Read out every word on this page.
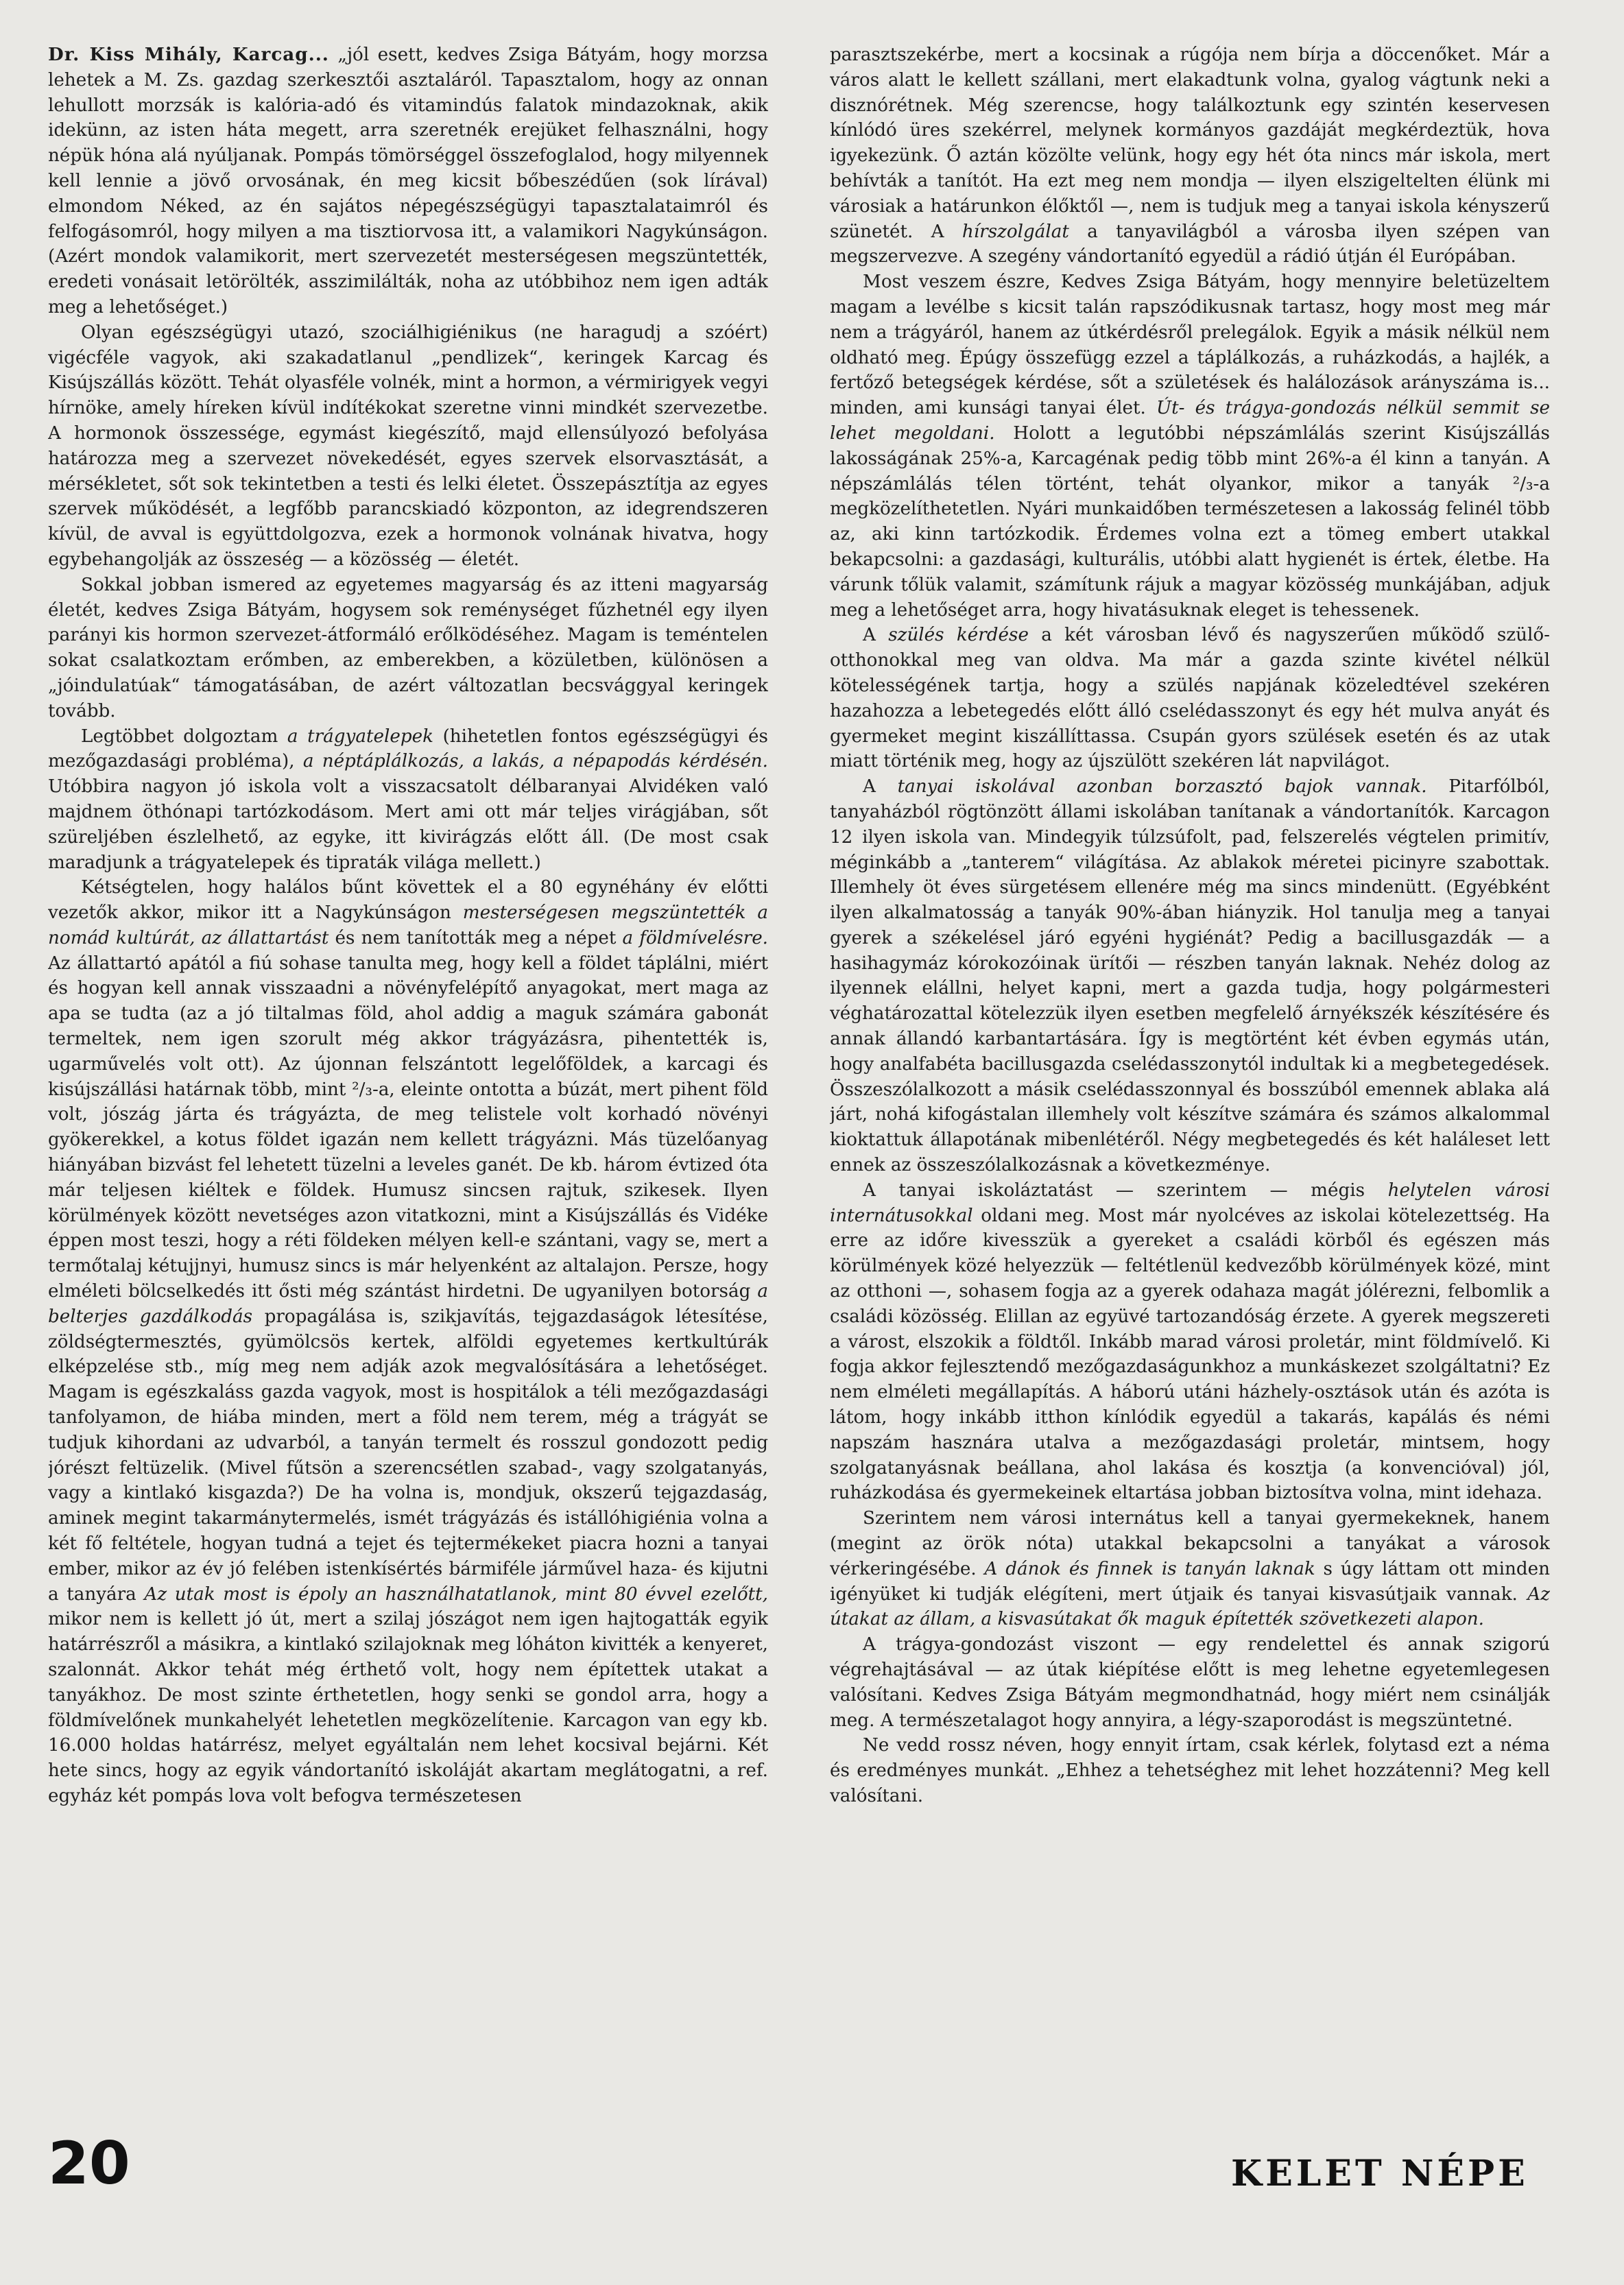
Dr. Kiss Mihály, Karcag... „jól esett, kedves Zsiga Bátyám, hogy morzsa lehetek a M. Zs. gazdag szerkesztői asztaláról. Tapasztalom, hogy az onnan lehullott morzsák is kalória-adó és vitamindús falatok mindazoknak, akik idekünn, az isten háta megett, arra szeretnék erejüket felhasználni, hogy népük hóna alá nyúljanak. Pompás tömörséggel összefoglalod, hogy milyennek kell lennie a jövő orvosának, én meg kicsit bőbeszédűen (sok lírával) elmondom Néked, az én sajátos népegészségügyi tapasztalataimról és felfogásomról, hogy milyen a ma tisztiorvosa itt, a valamikori Nagykúnságon. (Azért mondok valamikorit, mert szervezetét mesterségesen megszüntették, eredeti vonásait letörölték, asszimilálták, noha az utóbbihoz nem igen adták meg a lehetőséget.)

Olyan egészségügyi utazó, szociálhigiénikus (ne haragudj a szóért) vigécféle vagyok, aki szakadatlanul „pendlizek“, keringek Karcag és Kisújszállás között. Tehát olyasféle volnék, mint a hormon, a vérmirigyek vegyi hírnöke, amely híreken kívül indítékokat szeretne vinni mindkét szervezetbe. A hormonok összessége, egymást kiegészítő, majd ellensúlyozó befolyása határozza meg a szervezet növekedését, egyes szervek elsorvasztását, a mérsékletet, sőt sok tekintetben a testi és lelki életet. Összepásztítja az egyes szervek működését, a legfőbb parancskiadó központon, az idegrendszeren kívül, de avval is együttdolgozva, ezek a hormonok volnának hivatva, hogy egybehangolják az összeség — a közösség — életét.

Sokkal jobban ismered az egyetemes magyarság és az itteni magyarság életét, kedves Zsiga Bátyám, hogysem sok reménységet fűzhetnél egy ilyen parányi kis hormon szervezet-átformáló erőlködéséhez. Magam is teméntelen sokat csalatkoztam erőmben, az emberekben, a közületben, különösen a „jóindulatúak“ támogatásában, de azért változatlan becsvággyal keringek tovább.

Legtöbbet dolgoztam a trágyatelepek (hihetetlen fontos egészségügyi és mezőgazdasági probléma), a néptáplálkozás, a lakás, a népapodás kérdésén. Utóbbira nagyon jó iskola volt a visszacsatolt délbaranyai Alvidéken való majdnem öthónapi tartózkodásom. Mert ami ott már teljes virágjában, sőt szüreljében észlelhető, az egyke, itt kivirágzás előtt áll. (De most csak maradjunk a trágyatelepek és tipraták világa mellett.)

Kétségtelen, hogy halálos bűnt követtek el a 80 egynéhány év előtti vezetők akkor, mikor itt a Nagykúnságon mesterségesen megszüntették a nomád kultúrát, az állattartást és nem tanították meg a népet a földmívelésre. Az állattartó apától a fiú sohase tanulta meg, hogy kell a földet táplálni, miért és hogyan kell annak visszaadni a növényfelépítő anyagokat, mert maga az apa se tudta (az a jó tiltalmas föld, ahol addig a maguk számára gabonát termeltek, nem igen szorult még akkor trágyázásra, pihentették is, ugarművelés volt ott). Az újonnan felszántott legelőföldek, a karcagi és kisújszállási határnak több, mint ²/₃-a, eleinte ontotta a búzát, mert pihent föld volt, jószág járta és trágyázta, de meg telistele volt korhadó növényi gyökerekkel, a kotus földet igazán nem kellett trágyázni. Más tüzelőanyag hiányában bizvást fel lehetett tüzelni a leveles ganét. De kb. három évtized óta már teljesen kiéltek e földek. Humusz sincsen rajtuk, szikesek. Ilyen körülmények között nevetséges azon vitatkozni, mint a Kisújszállás és Vidéke éppen most teszi, hogy a réti földeken mélyen kell-e szántani, vagy se, mert a termőtalaj kétujjnyi, humusz sincs is már helyenként az altalajon. Persze, hogy elméleti bölcselkedés itt ősti még szántást hirdetni. De ugyanilyen botorság a belterjes gazdálkodás propagálása is, szikjavítás, tejgazdaságok létesítése, zöldségtermesztés, gyümölcsös kertek, alföldi egyetemes kertkultúrák elképzelése stb., míg meg nem adják azok megvalósítására a lehetőséget. Magam is egészkaláss gazda vagyok, most is hospitálok a téli mezőgazdasági tanfolyamon, de hiába minden, mert a föld nem terem, még a trágyát se tudjuk kihordani az udvarból, a tanyán termelt és rosszul gondozott pedig jórészt feltüzelik. (Mivel fűtsön a szerencsétlen szabad-, vagy szolgatanyás, vagy a kintlakó kisgazda?) De ha volna is, mondjuk, okszerű tejgazdaság, aminek megint takarmánytermelés, ismét trágyázás és istállóhigiénia volna a két fő feltétele, hogyan tudná a tejet és tejtermékeket piacra hozni a tanyai ember, mikor az év jó felében istenkísértés bármiféle járművel haza- és kijutni a tanyára Az utak most is époly an használhatatlanok, mint 80 évvel ezelőtt, mikor nem is kellett jó út, mert a szilaj jószágot nem igen hajtogatták egyik határrészről a másikra, a kintlakó szilajoknak meg lóháton kivitték a kenyeret, szalonnát. Akkor tehát még érthető volt, hogy nem építettek utakat a tanyákhoz. De most szinte érthetetlen, hogy senki se gondol arra, hogy a földmívelőnek munkahelyét lehetetlen megközelítenie. Karcagon van egy kb. 16.000 holdas határrész, melyet egyáltalán nem lehet kocsival bejárni. Két hete sincs, hogy az egyik vándortanító iskoláját akartam meglátogatni, a ref. egyház két pompás lova volt befogva természetesen

parasztszekérbe, mert a kocsinak a rúgója nem bírja a döccenőket. Már a város alatt le kellett szállani, mert elakadtunk volna, gyalog vágtunk neki a disznórétnek. Még szerencse, hogy találkoztunk egy szintén keservesen kínlódó üres szekérrel, melynek kormányos gazdáját megkérdeztük, hova igyekezünk. Ő aztán közölte velünk, hogy egy hét óta nincs már iskola, mert behívták a tanítót. Ha ezt meg nem mondja — ilyen elszigeltelten élünk mi városiak a határunkon élőktől —, nem is tudjuk meg a tanyai iskola kényszerű szünetét. A hírszolgálat a tanyavilágból a városba ilyen szépen van megszervezve. A szegény vándortanító egyedül a rádió útján él Európában.

Most veszem észre, Kedves Zsiga Bátyám, hogy mennyire beletüzeltem magam a levélbe s kicsit talán rapszódikusnak tartasz, hogy most meg már nem a trágyáról, hanem az útkérdésről prelegálok. Egyik a másik nélkül nem oldható meg. Épúgy összefügg ezzel a táplálkozás, a ruházkodás, a hajlék, a fertőző betegségek kérdése, sőt a születések és halálozások arányszáma is... minden, ami kunsági tanyai élet. Út- és trágya-gondozás nélkül semmit se lehet megoldani. Holott a legutóbbi népszámlálás szerint Kisújszállás lakosságának 25%-a, Karcagénak pedig több mint 26%-a él kinn a tanyán. A népszámlálás télen történt, tehát olyankor, mikor a tanyák ²/₃-a megközelíthetetlen. Nyári munkaidőben természetesen a lakosság felinél több az, aki kinn tartózkodik. Érdemes volna ezt a tömeg embert utakkal bekapcsolni: a gazdasági, kulturális, utóbbi alatt hygienét is értek, életbe. Ha várunk tőlük valamit, számítunk rájuk a magyar közösség munkájában, adjuk meg a lehetőséget arra, hogy hivatásuknak eleget is tehessenek.

A szülés kérdése a két városban lévő és nagyszerűen működő szülő-otthonokkal meg van oldva. Ma már a gazda szinte kivétel nélkül kötelességének tartja, hogy a szülés napjának közeledtével szekéren hazahozza a lebetegedés előtt álló cselédasszonyt és egy hét mulva anyát és gyermeket megint kiszállíttassa. Csupán gyors szülések esetén és az utak miatt történik meg, hogy az újszülött szekéren lát napvilágot.

A tanyai iskolával azonban borzasztó bajok vannak. Pitarfólból, tanyaházból rögtönzött állami iskolában tanítanak a vándortanítók. Karcagon 12 ilyen iskola van. Mindegyik túlzsúfolt, pad, felszerelés végtelen primitív, méginkább a „tanterem“ világítása. Az ablakok méretei picinyre szabottak. Illemhely öt éves sürgetésem ellenére még ma sincs mindenütt. (Egyébként ilyen alkalmatosság a tanyák 90%-ában hiányzik. Hol tanulja meg a tanyai gyerek a székelésel járó egyéni hygiénát? Pedig a bacillusgazdák — a hasihagymáz kórokozóinak ürítői — részben tanyán laknak. Nehéz dolog az ilyennek elállni, helyet kapni, mert a gazda tudja, hogy polgármesteri véghatározattal kötelezzük ilyen esetben megfelelő árnyékszék készítésére és annak állandó karbantartására. Így is megtörtént két évben egymás után, hogy analfabéta bacillusgazda cselédasszonytól indultak ki a megbetegedések. Összeszólalkozott a másik cselédasszonnyal és bosszúból emennek ablaka alá járt, nohá kifogástalan illemhely volt készítve számára és számos alkalommal kioktattuk állapotának mibenlétéről. Négy megbetegedés és két haláleset lett ennek az összeszólalkozásnak a következménye.

A tanyai iskoláztatást — szerintem — mégis helytelen városi internátusokkal oldani meg. Most már nyolcéves az iskolai kötelezettség. Ha erre az időre kivesszük a gyereket a családi körből és egészen más körülmények közé helyezzük — feltétlenül kedvezőbb körülmények közé, mint az otthoni —, sohasem fogja az a gyerek odahaza magát jólérezni, felbomlik a családi közösség. Elillan az együvé tartozandóság érzete. A gyerek megszereti a várost, elszokik a földtől. Inkább marad városi proletár, mint földmívelő. Ki fogja akkor fejlesztendő mezőgazdaságunkhoz a munkáskezet szolgáltatni? Ez nem elméleti megállapítás. A háború utáni házhely-osztások után és azóta is látom, hogy inkább itthon kínlódik egyedül a takarás, kapálás és némi napszám hasznára utalva a mezőgazdasági proletár, mintsem, hogy szolgatanyásnak beállana, ahol lakása és kosztja (a konvencióval) jól, ruházkodása és gyermekeinek eltartása jobban biztosítva volna, mint idehaza.

Szerintem nem városi internátus kell a tanyai gyermekeknek, hanem (megint az örök nóta) utakkal bekapcsolni a tanyákat a városok vérkeringésébe. A dánok és finnek is tanyán laknak s úgy láttam ott minden igényüket ki tudják elégíteni, mert útjaik és tanyai kisvasútjaik vannak. Az útakat az állam, a kisvasútakat ők maguk építették szövetkezeti alapon.

A trágya-gondozást viszont — egy rendelettel és annak szigorú végrehajtásával — az útak kiépítése előtt is meg lehetne egyetemlegesen valósítani. Kedves Zsiga Bátyám megmondhatnád, hogy miért nem csinálják meg. A természetalagot hogy annyira, a légy-szaporodást is megszüntetné.

Ne vedd rossz néven, hogy ennyit írtam, csak kérlek, folytasd ezt a néma és eredményes munkát. „Ehhez a tehetséghez mit lehet hozzátenni? Meg kell valósítani.

20	KELET NÉPE
